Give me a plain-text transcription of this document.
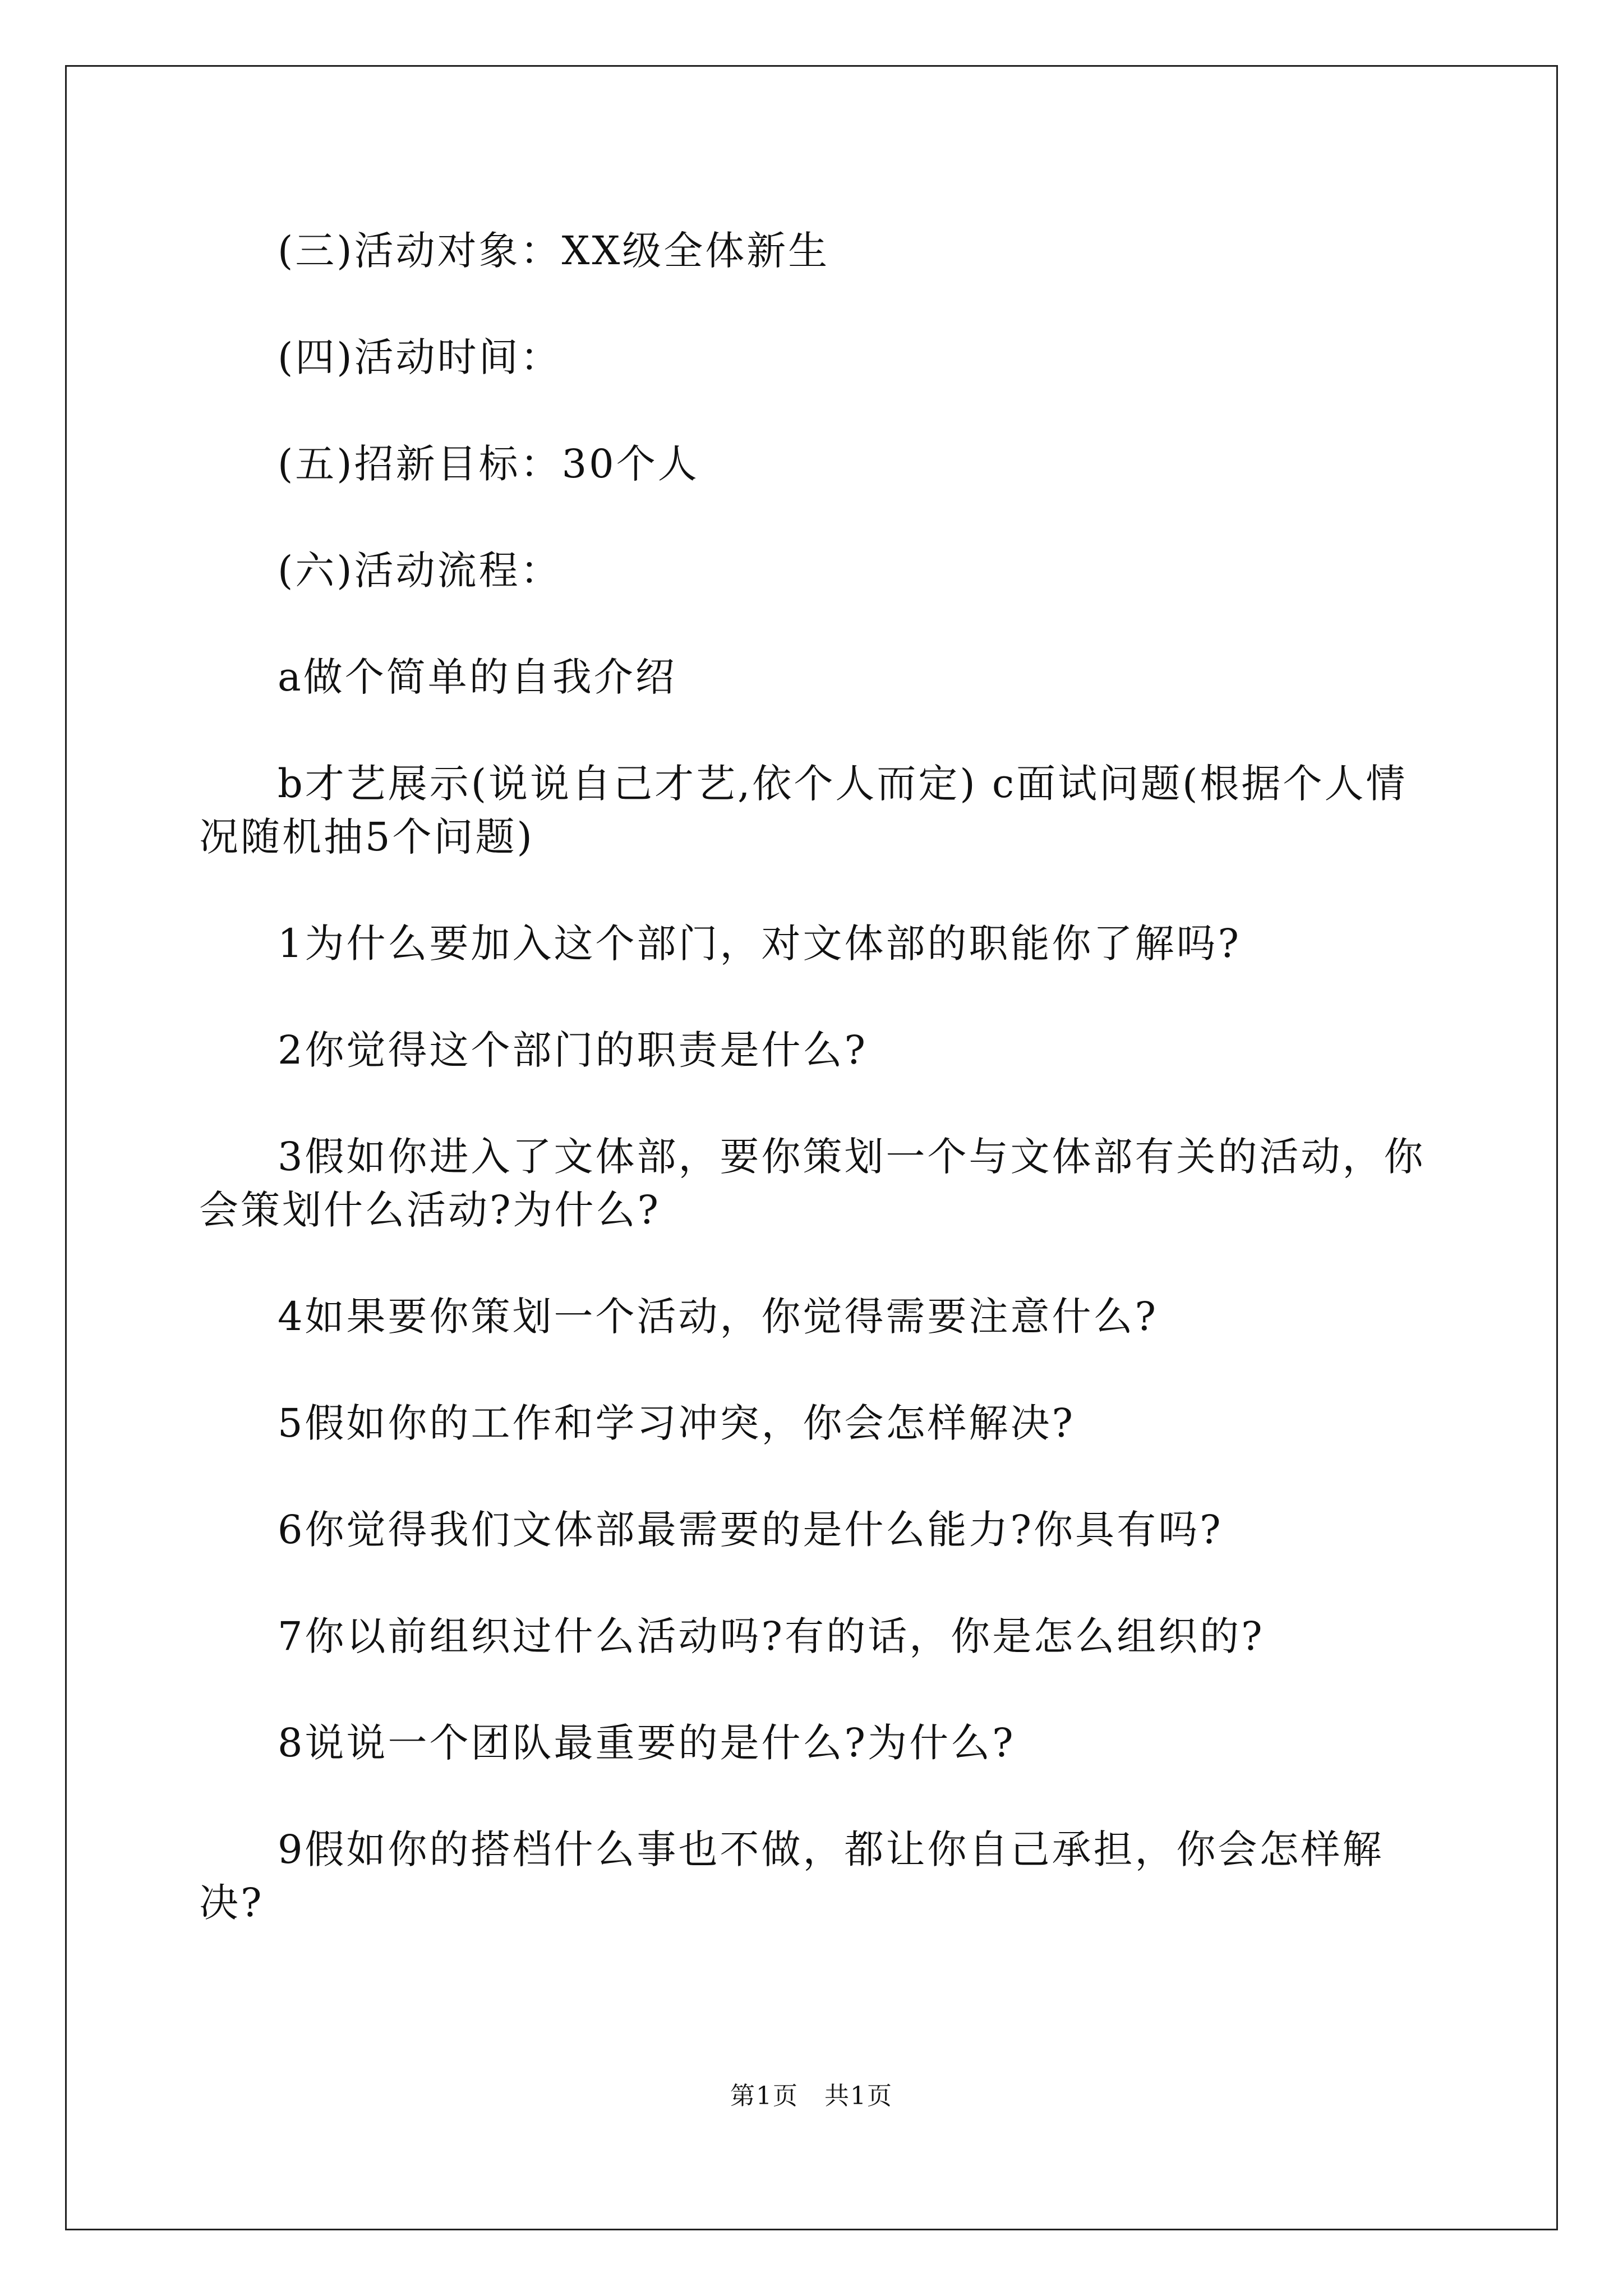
(三)活动对象：XX级全体新生

(四)活动时间：

(五)招新目标：30个人

(六)活动流程：

a做个简单的自我介绍

b才艺展示(说说自己才艺,依个人而定) c面试问题(根据个人情况随机抽5个问题)

1为什么要加入这个部门，对文体部的职能你了解吗?

2你觉得这个部门的职责是什么?

3假如你进入了文体部，要你策划一个与文体部有关的活动，你会策划什么活动?为什么?

4如果要你策划一个活动，你觉得需要注意什么?

5假如你的工作和学习冲突，你会怎样解决?

6你觉得我们文体部最需要的是什么能力?你具有吗?

7你以前组织过什么活动吗?有的话，你是怎么组织的?

8说说一个团队最重要的是什么?为什么?

9假如你的搭档什么事也不做，都让你自己承担，你会怎样解决?

第1页　共1页
